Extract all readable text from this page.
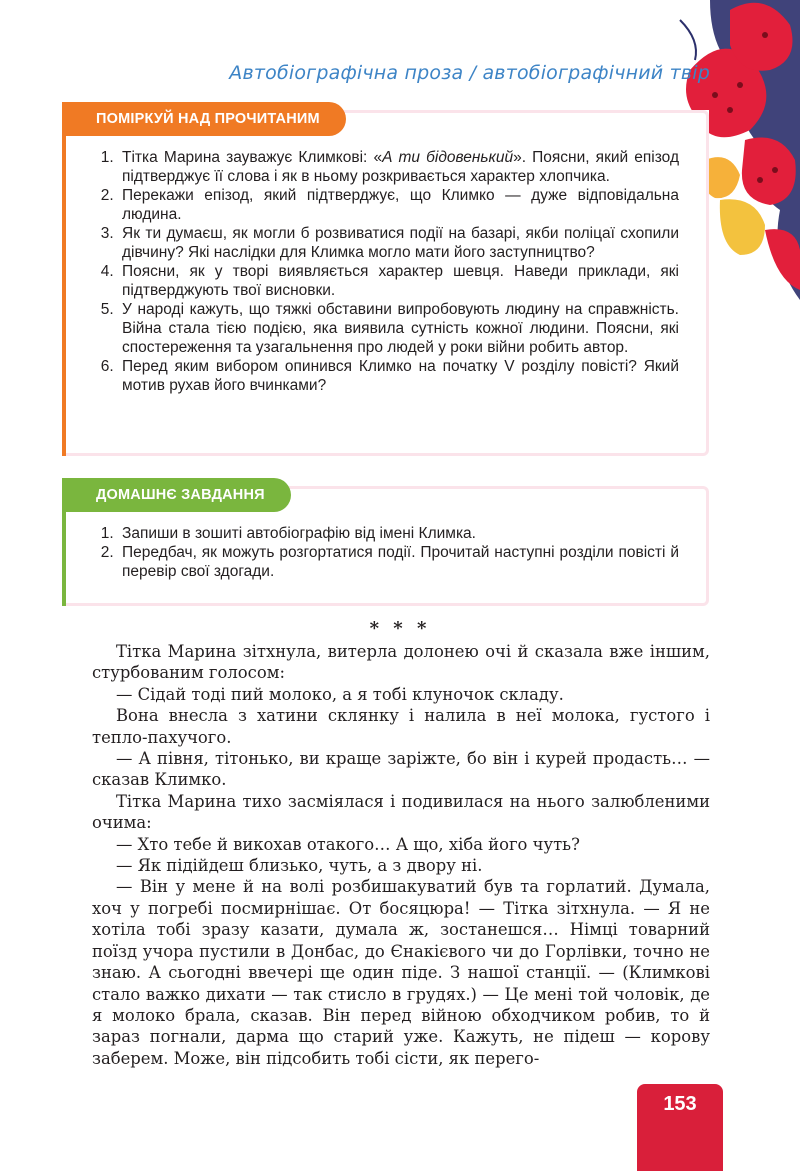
Автобіографічна проза / автобіографічний твір
ПОМІРКУЙ НАД ПРОЧИТАНИМ
1. Тітка Марина зауважує Климкові: «А ти бідовенький». Поясни, який епізод підтверджує її слова і як в ньому розкривається характер хлопчика.
2. Перекажи епізод, який підтверджує, що Климко — дуже відповідальна людина.
3. Як ти думаєш, як могли б розвиватися події на базарі, якби поліцаї схопили дівчину? Які наслідки для Климка могло мати його заступництво?
4. Поясни, як у творі виявляється характер шевця. Наведи приклади, які підтверджують твої висновки.
5. У народі кажуть, що тяжкі обставини випробовують людину на справжність. Війна стала тією подією, яка виявила сутність кожної людини. Поясни, які спостереження та узагальнення про людей у роки війни робить автор.
6. Перед яким вибором опинився Климко на початку V розділу повісті? Який мотив рухав його вчинками?
ДОМАШНЄ ЗАВДАННЯ
1. Запиши в зошиті автобіографію від імені Климка.
2. Передбач, як можуть розгортатися події. Прочитай наступні розділи повісті й перевір свої здогади.
* * *

Тітка Марина зітхнула, витерла долонею очі й сказала вже іншим, стурбованим голосом:

— Сідай тоді пий молоко, а я тобі клуночок складу.

Вона внесла з хатини склянку і налила в неї молока, густого і тепло-пахучого.

— А півня, тітонько, ви краще заріжте, бо він і курей продасть… — сказав Климко.

Тітка Марина тихо засміялася і подивилася на нього залюбленими очима:

— Хто тебе й викохав отакого… А що, хіба його чуть?

— Як підійдеш близько, чуть, а з двору ні.

— Він у мене й на волі розбишакуватий був та горлатий. Думала, хоч у погребі посмирнішає. От босяцюра! — Тітка зітхнула. — Я не хотіла тобі зразу казати, думала ж, зостанешся… Німці товарний поїзд учора пустили в Донбас, до Єнакієвого чи до Горлівки, точно не знаю. А сьогодні ввечері ще один піде. З нашої станції. — (Климкові стало важко дихати — так стисло в грудях.) — Це мені той чоловік, де я молоко брала, сказав. Він перед війною обходчиком робив, то й зараз погнали, дарма що старий уже. Кажуть, не підеш — корову заберем. Може, він підсобить тобі сісти, як перего-

153
